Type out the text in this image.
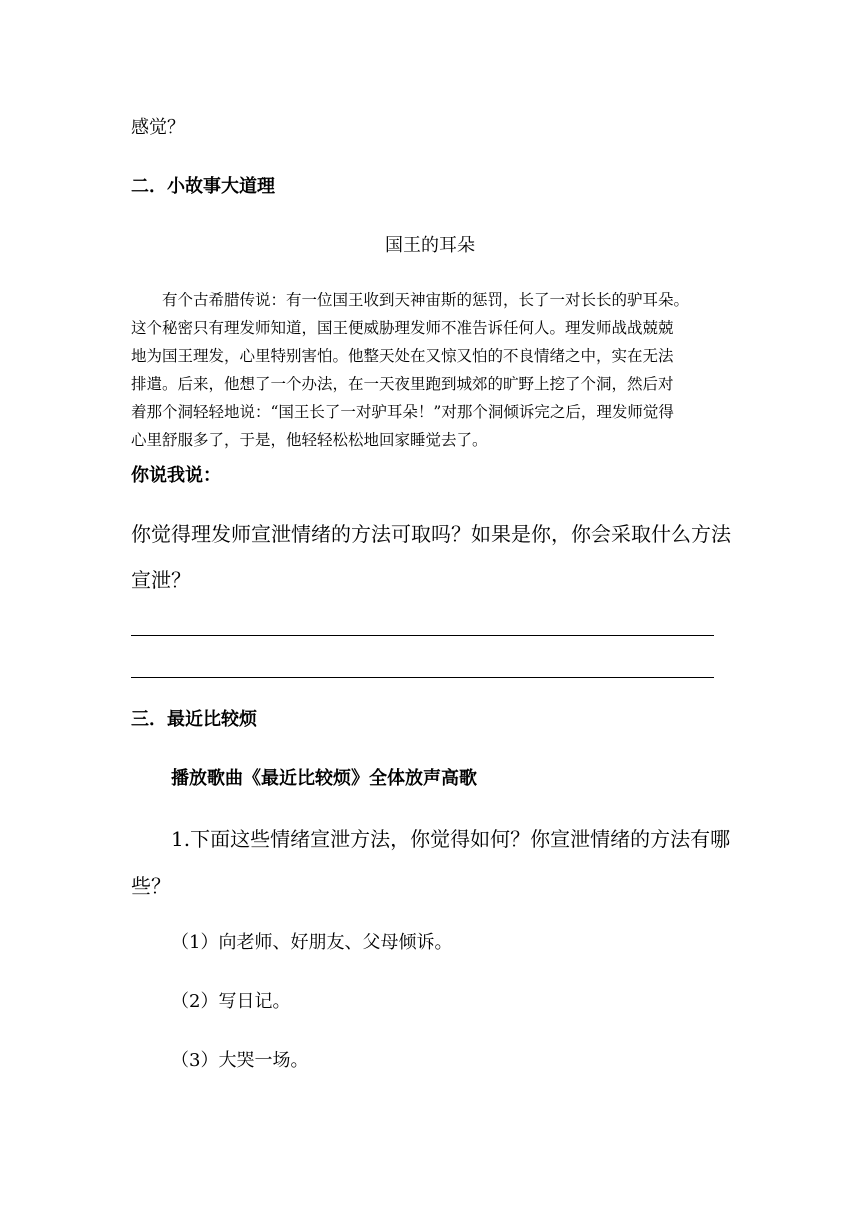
感觉？
二．小故事大道理
国王的耳朵
有个古希腊传说：有一位国王收到天神宙斯的惩罚，长了一对长长的驴耳朵。
这个秘密只有理发师知道，国王便威胁理发师不准告诉任何人。理发师战战兢兢
地为国王理发，心里特别害怕。他整天处在又惊又怕的不良情绪之中，实在无法
排遣。后来，他想了一个办法，在一天夜里跑到城郊的旷野上挖了个洞，然后对
着那个洞轻轻地说：“国王长了一对驴耳朵！”对那个洞倾诉完之后，理发师觉得
心里舒服多了，于是，他轻轻松松地回家睡觉去了。
你说我说：
你觉得理发师宣泄情绪的方法可取吗？如果是你，你会采取什么方法
宣泄？
三．最近比较烦
播放歌曲《最近比较烦》全体放声高歌
1.下面这些情绪宣泄方法，你觉得如何？你宣泄情绪的方法有哪
些？
（1）向老师、好朋友、父母倾诉。
（2）写日记。
（3）大哭一场。
